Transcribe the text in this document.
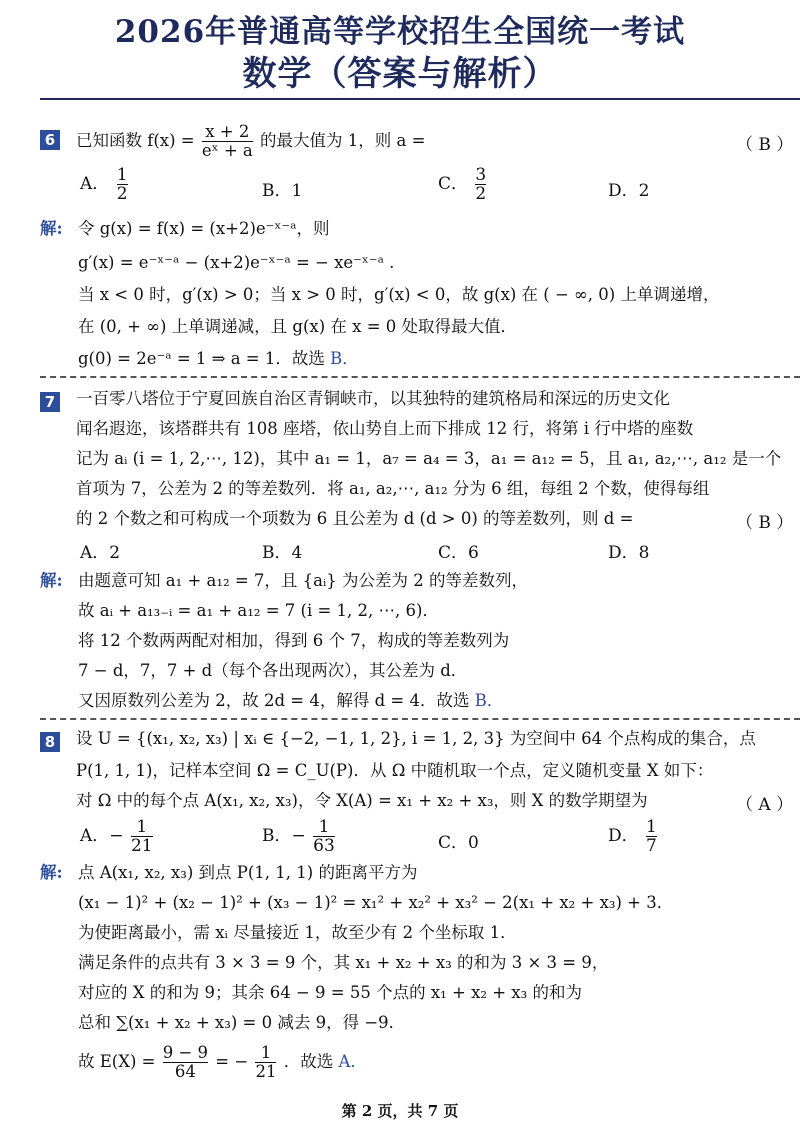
2026年普通高等学校招生全国统一考试
数学（答案与解析）
6 已知函数 $f(x) = \frac{x + 2}{\text{eˣ + a}}$ 的最大值为 1，则 a =	（ B ）
A． $\frac{1}{2}$	B．1	C． $\frac{3}{2}$	D．2
解: 令 g(x) = f(x) = (x+2)e⁻ˣ⁻ᵃ，则
g′(x) = e⁻ˣ⁻ᵃ − (x+2)e⁻ˣ⁻ᵃ = − xe⁻ˣ⁻ᵃ .
当 x < 0 时，g′(x) > 0；当 x > 0 时，g′(x) < 0，故 g(x) 在 ( − ∞, 0) 上单调递增，
在 (0, + ∞) 上单调递减，且 g(x) 在 x = 0 处取得最大值．
g(0) = 2e⁻ᵃ = 1 ⇒ a = 1．故选 B．
7 一百零八塔位于宁夏回族自治区青铜峡市，以其独特的建筑格局和深远的历史文化
闻名遐迩，该塔群共有 108 座塔，依山势自上而下排成 12 行，将第 i 行中塔的座数
记为 aᵢ (i = 1, 2,⋯, 12)，其中 a₁ = 1，a₇ = a₄ = 3，a₁ = a₁₂ = 5，且 a₁, a₂,⋯, a₁₂ 是一个
首项为 7，公差为 2 的等差数列．将 a₁, a₂,⋯, a₁₂ 分为 6 组，每组 2 个数，使得每组
的 2 个数之和可构成一个项数为 6 且公差为 d (d > 0) 的等差数列，则 d =	（ B ）
A．2	B．4	C．6	D．8
解: 由题意可知 a₁ + a₁₂ = 7，且 {aᵢ} 为公差为 2 的等差数列，
故 aᵢ + a₁₃₋ᵢ = a₁ + a₁₂ = 7 (i = 1, 2, ⋯, 6)．
将 12 个数两两配对相加，得到 6 个 7，构成的等差数列为
7 − d，7，7 + d（每个各出现两次），其公差为 d．
又因原数列公差为 2，故 2d = 4，解得 d = 4．故选 B．
8 设 U = {(x₁, x₂, x₃) | xᵢ ∈ {−2, −1, 1, 2}, i = 1, 2, 3} 为空间中 64 个点构成的集合，点
P(1, 1, 1)，记样本空间 Ω = C_U(P)．从 Ω 中随机取一个点，定义随机变量 X 如下：
对 Ω 中的每个点 A(x₁, x₂, x₃)，令 X(A) = x₁ + x₂ + x₃，则 X 的数学期望为	（ A ）
A．− $\frac{1}{21}$	B．− $\frac{1}{63}$	C．0	D． $\frac{1}{7}$
解: 点 A(x₁, x₂, x₃) 到点 P(1, 1, 1) 的距离平方为
(x₁ − 1)² + (x₂ − 1)² + (x₃ − 1)² = x₁² + x₂² + x₃² − 2(x₁ + x₂ + x₃) + 3．
为使距离最小，需 xᵢ 尽量接近 1，故至少有 2 个坐标取 1．
满足条件的点共有 3 × 3 = 9 个，其 x₁ + x₂ + x₃ 的和为 3 × 3 = 9，
对应的 X 的和为 9；其余 64 − 9 = 55 个点的 x₁ + x₂ + x₃ 的和为
总和 ∑(x₁ + x₂ + x₃) = 0 减去 9，得 −9．
故 $E(X) = \frac{9 - 9}{64}$ = − $\frac{1}{21}$ ．故选 A．
第 2 页，共 7 页
